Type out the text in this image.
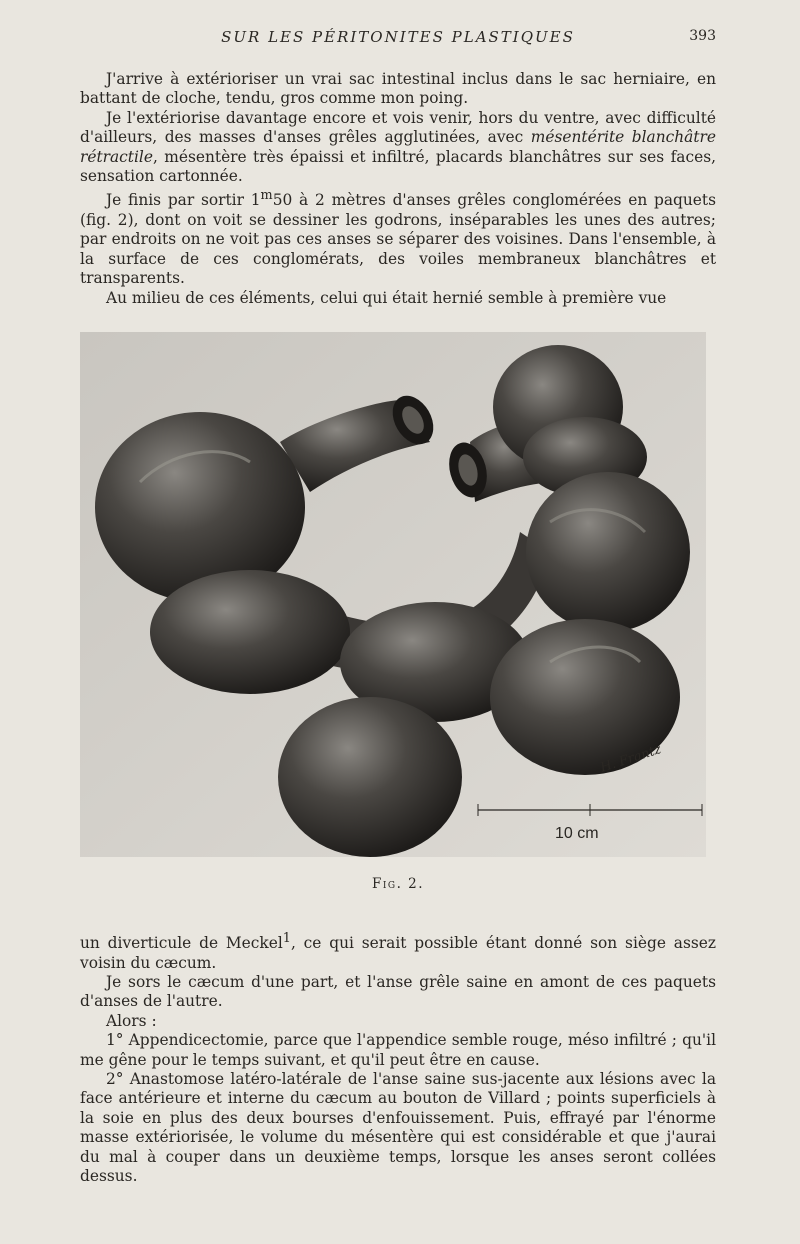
SUR LES PÉRITONITES PLASTIQUES	393

J'arrive à extérioriser un vrai sac intestinal inclus dans le sac herniaire, en battant de cloche, tendu, gros comme mon poing.

Je l'extériorise davantage encore et vois venir, hors du ventre, avec difficulté d'ailleurs, des masses d'anses grêles agglutinées, avec mésentérite blanchâtre rétractile, mésentère très épaissi et infiltré, placards blanchâtres sur ses faces, sensation cartonnée.

Je finis par sortir 1$^m$50 à 2 mètres d'anses grêles conglomérées en paquets (fig. 2), dont on voit se dessiner les godrons, inséparables les unes des autres; par endroits on ne voit pas ces anses se séparer des voisines. Dans l'ensemble, à la surface de ces conglomérats, des voiles membraneux blanchâtres et transparents.

Au milieu de ces éléments, celui qui était hernié semble à première vue

10 cm
H. Frantz
Fig. 2.

un diverticule de Meckel$^1$, ce qui serait possible étant donné son siège assez voisin du cæcum.

Je sors le cæcum d'une part, et l'anse grêle saine en amont de ces paquets d'anses de l'autre.

Alors :

1° Appendicectomie, parce que l'appendice semble rouge, méso infiltré ; qu'il me gêne pour le temps suivant, et qu'il peut être en cause.

2° Anastomose latéro-latérale de l'anse saine sus-jacente aux lésions avec la face antérieure et interne du cæcum au bouton de Villard ; points superficiels à la soie en plus des deux bourses d'enfouissement. Puis, effrayé par l'énorme masse extériorisée, le volume du mésentère qui est considérable et que j'aurai du mal à couper dans un deuxième temps, lorsque les anses seront collées dessus.
